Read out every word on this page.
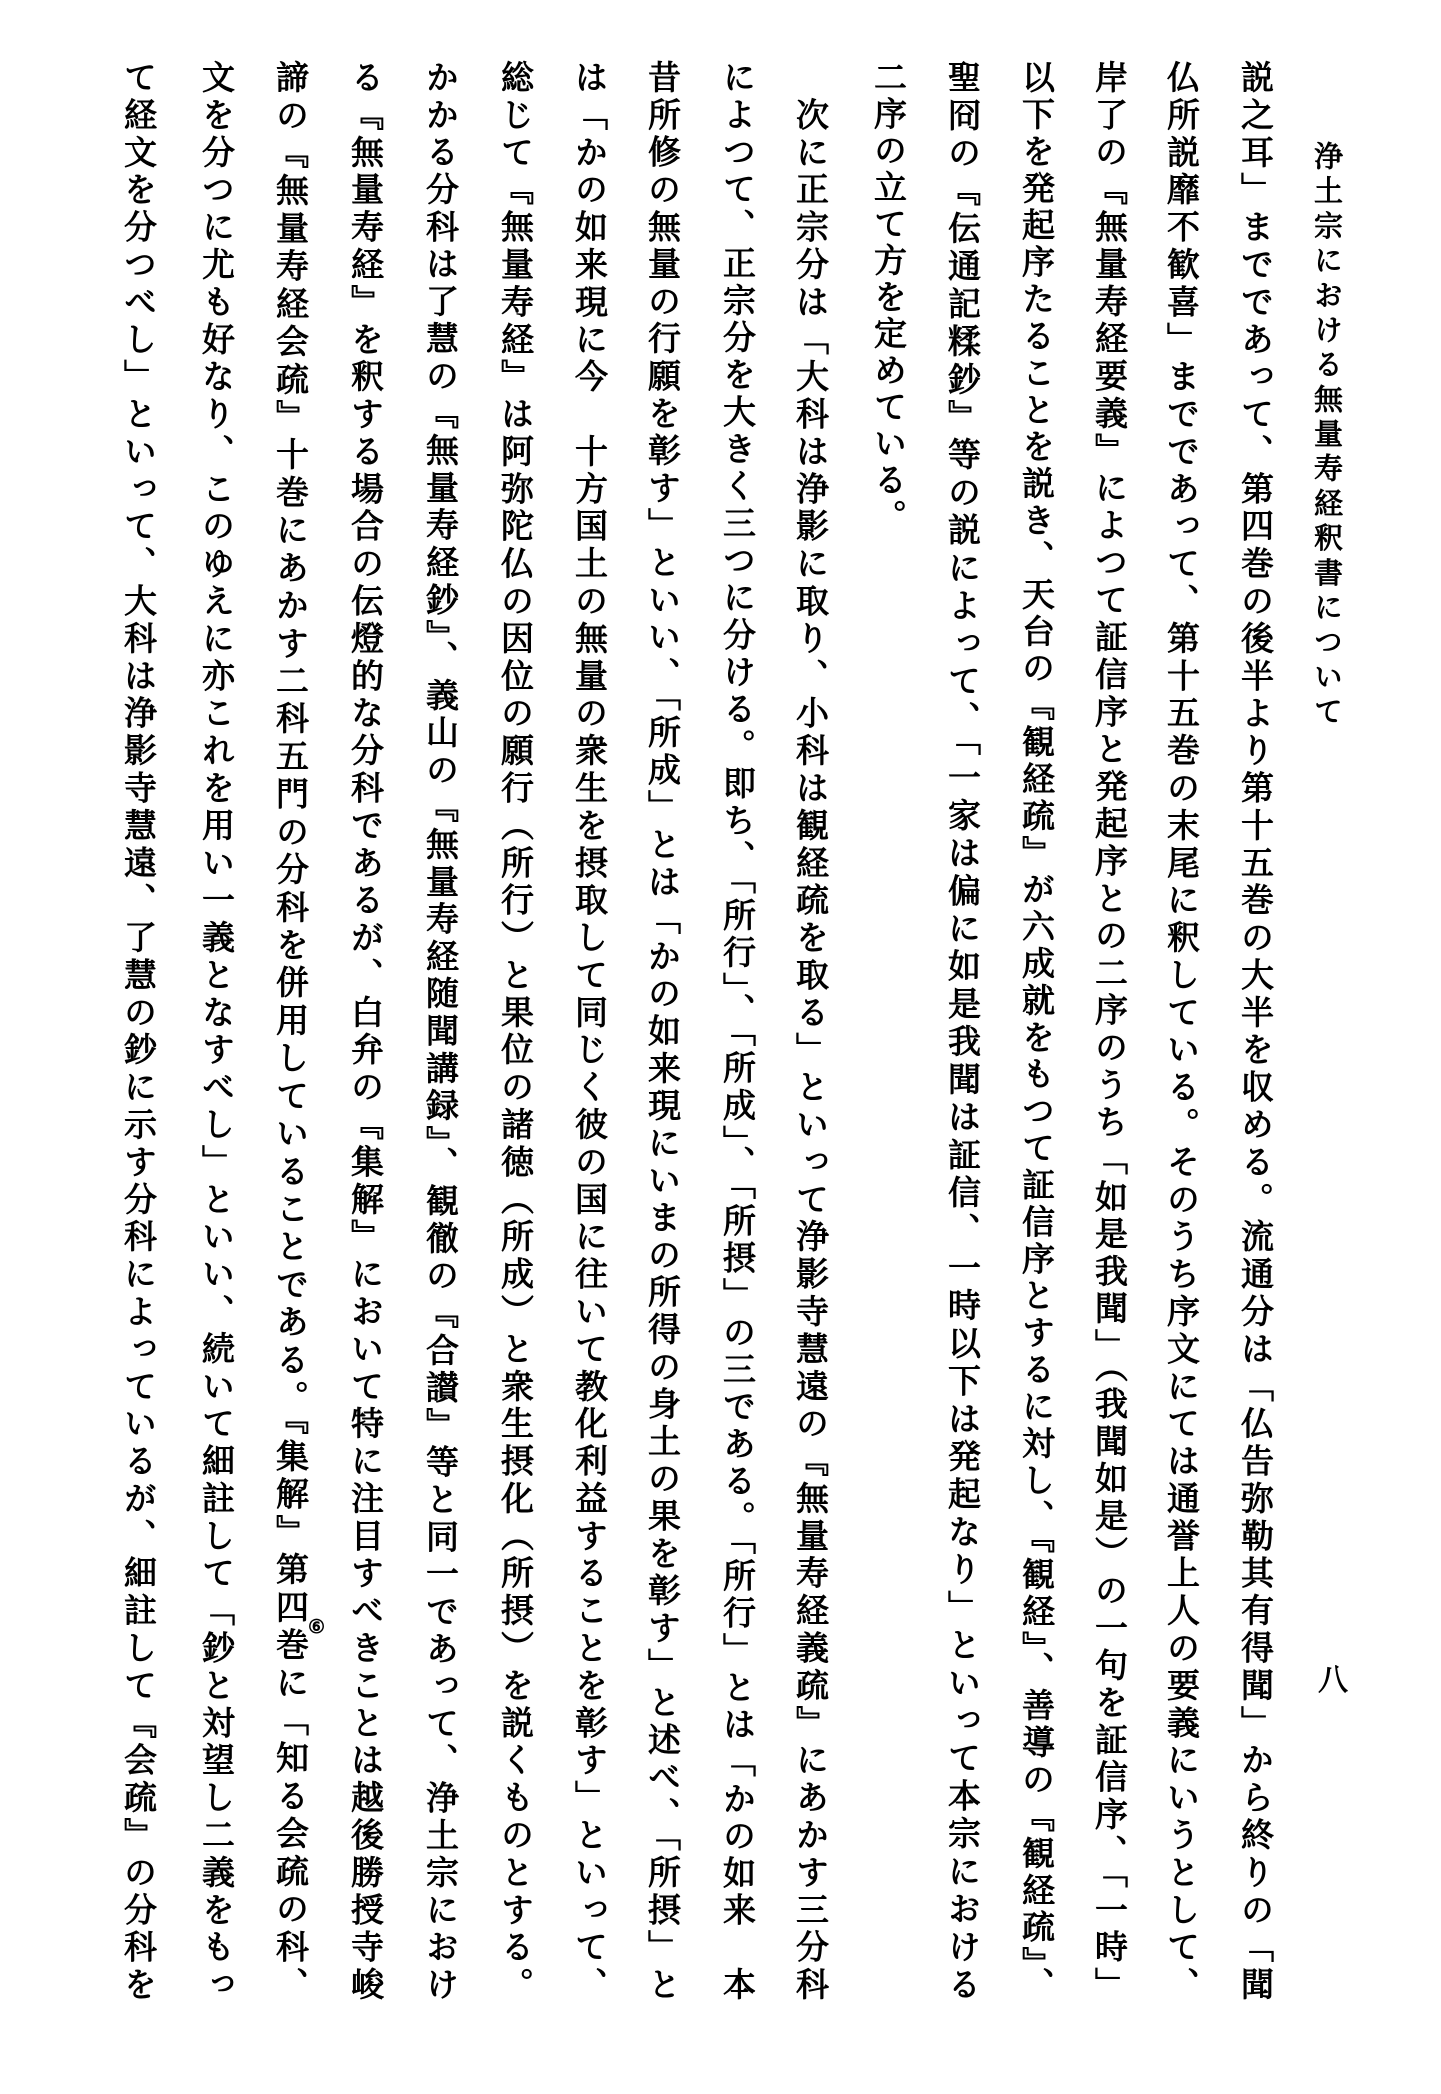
浄土宗における無量寿経釈書について
八
説之耳」までであって、第四巻の後半より第十五巻の大半を収める。流通分は「仏告弥勒其有得聞」から終りの「聞
仏所説靡不歓喜」までであって、第十五巻の末尾に釈している。そのうち序文にては通誉上人の要義にいうとして、
岸了の『無量寿経要義』によつて証信序と発起序との二序のうち「如是我聞」（我聞如是）の一句を証信序、「一時」
以下を発起序たることを説き、天台の『観経疏』が六成就をもつて証信序とするに対し、『観経』、善導の『観経疏』、
聖冏の『伝通記糅鈔』等の説によって、「一家は偏に如是我聞は証信、一時以下は発起なり」といって本宗における
二序の立て方を定めている。
　次に正宗分は「大科は浄影に取り、小科は観経疏を取る」といって浄影寺慧遠の『無量寿経義疏』にあかす三分科
によつて、正宗分を大きく三つに分ける。即ち、「所行」、「所成」、「所摂」の三である。「所行」とは「かの如来　本
昔所修の無量の行願を彰す」といい、「所成」とは「かの如来現にいまの所得の身土の果を彰す」と述べ、「所摂」と
は「かの如来現に今　十方国土の無量の衆生を摂取して同じく彼の国に往いて教化利益することを彰す」といって、
総じて『無量寿経』は阿弥陀仏の因位の願行（所行）と果位の諸徳（所成）と衆生摂化（所摂）を説くものとする。
かかる分科は了慧の『無量寿経鈔』、義山の『無量寿経随聞講録』、観徹の『合讃』等と同一であって、浄土宗におけ
る『無量寿経』を釈する場合の伝燈的な分科であるが、白弁の『集解』において特に注目すべきことは越後勝授寺峻
諦の『無量寿経会疏』十巻にあかす二科五門の分科を併用していることである。『集解』第四巻に「知る会疏の科、
文を分つに尤も好なり、このゆえに亦これを用い一義となすべし」といい、続いて細註して「鈔と対望し二義をもっ
て経文を分つべし」といって、大科は浄影寺慧遠、了慧の鈔に示す分科によっているが、細註して『会疏』の分科を	⑥
